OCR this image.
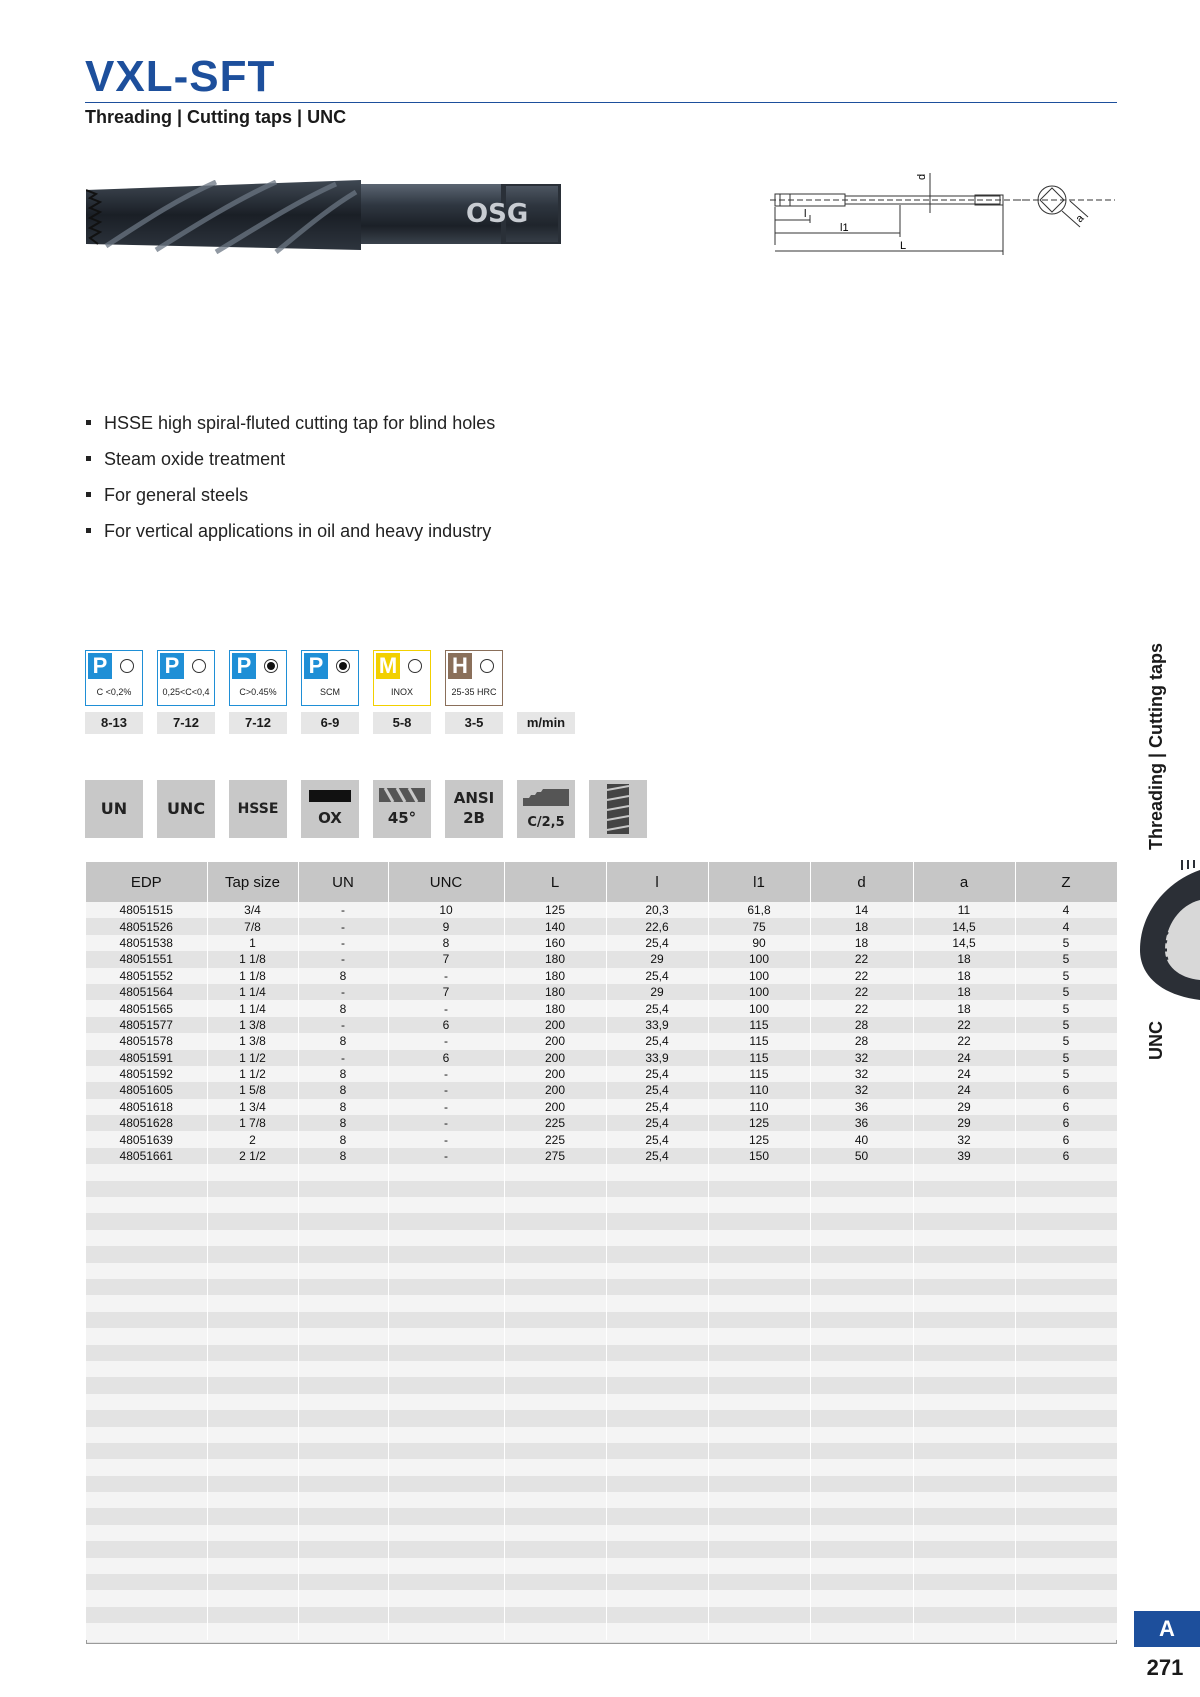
VXL-SFT
Threading | Cutting taps | UNC
OSG
d
l
l1
L
a
HSSE high spiral-fluted cutting tap for blind holes
Steam oxide treatment
For general steels
For vertical applications in oil and heavy industry
P
C <0,2%
8-13
P
0,25<C<0,4
7-12
P
C>0.45%
7-12
P
SCM
6-9
M
INOX
5-8
H
25-35 HRC
3-5	m/min
UN	UNC	HSSE	OX	45°
ANSI
2B	C/2,5
EDP	Tap size	UN	UNC	L	l	l1	d	a	Z
48051515	3/4	-	10	125	20,3	61,8	14	11	4
48051526	7/8	-	9	140	22,6	75	18	14,5	4
48051538	1	-	8	160	25,4	90	18	14,5	5
48051551	1 1/8	-	7	180	29	100	22	18	5
48051552	1 1/8	8	-	180	25,4	100	22	18	5
48051564	1 1/4	-	7	180	29	100	22	18	5
48051565	1 1/4	8	-	180	25,4	100	22	18	5
48051577	1 3/8	-	6	200	33,9	115	28	22	5
48051578	1 3/8	8	-	200	25,4	115	28	22	5
48051591	1 1/2	-	6	200	33,9	115	32	24	5
48051592	1 1/2	8	-	200	25,4	115	32	24	5
48051605	1 5/8	8	-	200	25,4	110	32	24	6
48051618	1 3/4	8	-	200	25,4	110	36	29	6
48051628	1 7/8	8	-	225	25,4	125	36	29	6
48051639	2	8	-	225	25,4	125	40	32	6
48051661	2 1/2	8	-	275	25,4	150	50	39	6

Threading | Cutting taps
UNC
A
271
